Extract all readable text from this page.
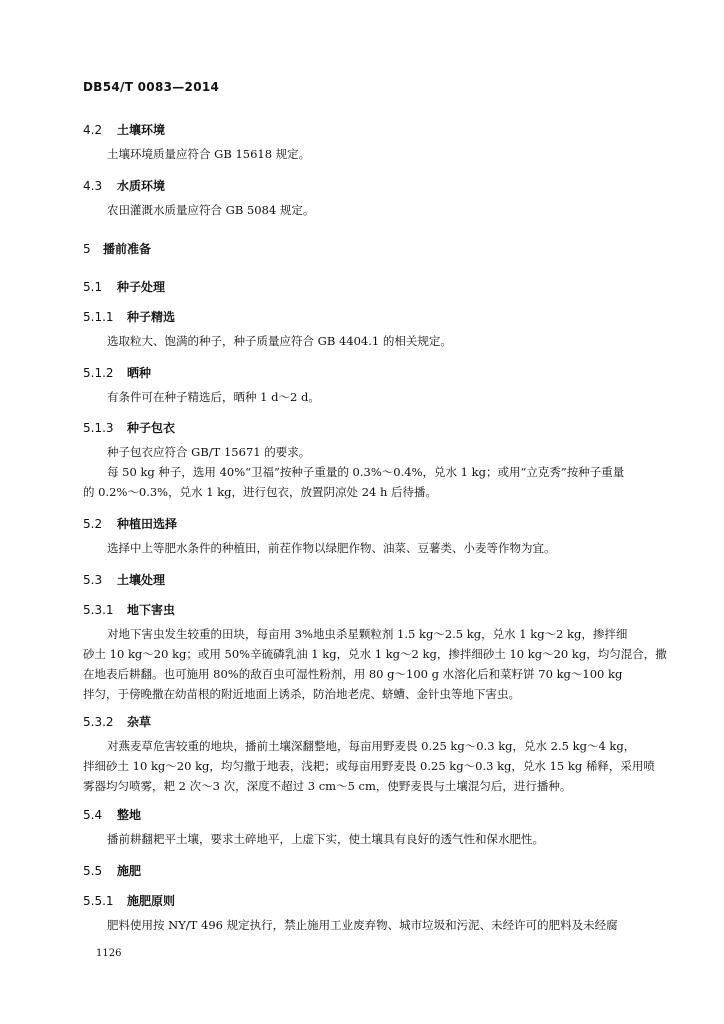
DB54/T 0083—2014
4.2 土壤环境
4.3 水质环境
5 播前准备
5.1 种子处理
5.1.1 种子精选
5.1.2 晒种
5.1.3 种子包衣
5.2 种植田选择
5.3 土壤处理
5.3.1 地下害虫
5.3.2 杂草
5.4 整地
5.5 施肥
5.5.1 施肥原则
土壤环境质量应符合 GB 15618 规定。
农田灌溉水质量应符合 GB 5084 规定。
选取粒大、饱满的种子，种子质量应符合 GB 4404.1 的相关规定。
有条件可在种子精选后，晒种 1 d～2 d。
种子包衣应符合 GB/T 15671 的要求。
每 50 kg 种子，选用 40%“卫福”按种子重量的 0.3%～0.4%，兑水 1 kg；或用“立克秀”按种子重量
的 0.2%～0.3%，兑水 1 kg，进行包衣，放置阴凉处 24 h 后待播。
选择中上等肥水条件的种植田，前茬作物以绿肥作物、油菜、豆薯类、小麦等作物为宜。
对地下害虫发生较重的田块，每亩用 3%地虫杀星颗粒剂 1.5 kg～2.5 kg，兑水 1 kg～2 kg，掺拌细
砂土 10 kg～20 kg；或用 50%辛硫磷乳油 1 kg，兑水 1 kg～2 kg，掺拌细砂土 10 kg～20 kg，均匀混合，撒
在地表后耕翻。也可施用 80%的敌百虫可湿性粉剂，用 80 g～100 g 水溶化后和菜籽饼 70 kg～100 kg
拌匀，于傍晚撒在幼苗根的附近地面上诱杀，防治地老虎、蛴螬、金针虫等地下害虫。
对燕麦草危害较重的地块，播前土壤深翻整地，每亩用野麦畏 0.25 kg～0.3 kg，兑水 2.5 kg～4 kg，
拌细砂土 10 kg～20 kg，均匀撒于地表，浅耙；或每亩用野麦畏 0.25 kg～0.3 kg，兑水 15 kg 稀释，采用喷
雾器均匀喷雾，耙 2 次～3 次，深度不超过 3 cm～5 cm，使野麦畏与土壤混匀后，进行播种。
播前耕翻耙平土壤，要求土碎地平，上虚下实，使土壤具有良好的透气性和保水肥性。
肥料使用按 NY/T 496 规定执行，禁止施用工业废弃物、城市垃圾和污泥、未经许可的肥料及未经腐
1126
